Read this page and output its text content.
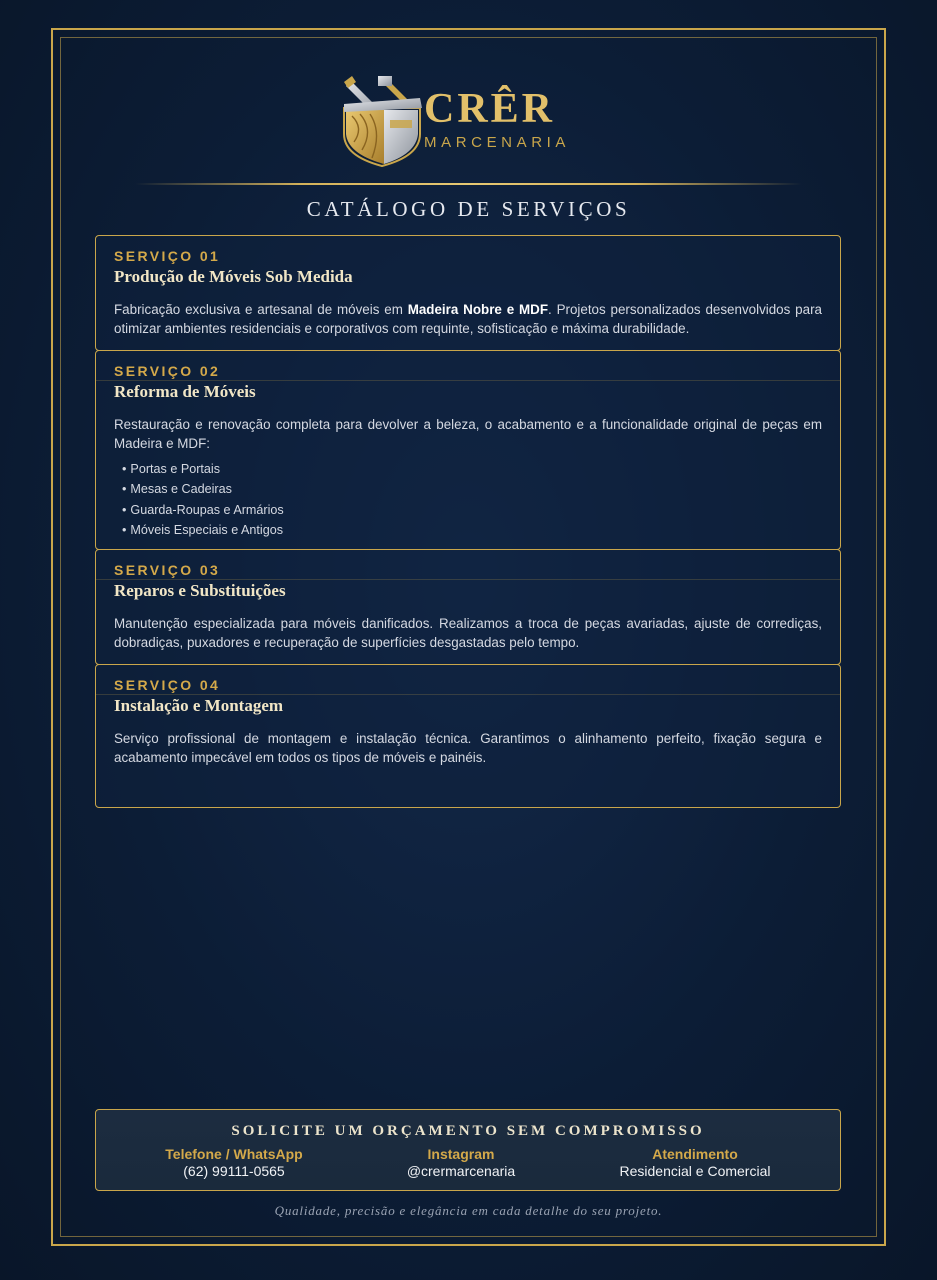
CRÊR
MARCENARIA
CATÁLOGO DE SERVIÇOS
SERVIÇO 01
Produção de Móveis Sob Medida
Fabricação exclusiva e artesanal de móveis em Madeira Nobre e MDF. Projetos personalizados desenvolvidos para otimizar ambientes residenciais e corporativos com requinte, sofisticação e máxima durabilidade.
SERVIÇO 02
Reforma de Móveis
Restauração e renovação completa para devolver a beleza, o acabamento e a funcionalidade original de peças em Madeira e MDF:
• Portas e Portais
• Mesas e Cadeiras
• Guarda-Roupas e Armários
• Móveis Especiais e Antigos
SERVIÇO 03
Reparos e Substituições
Manutenção especializada para móveis danificados. Realizamos a troca de peças avariadas, ajuste de corrediças, dobradiças, puxadores e recuperação de superfícies desgastadas pelo tempo.
SERVIÇO 04
Instalação e Montagem
Serviço profissional de montagem e instalação técnica. Garantimos o alinhamento perfeito, fixação segura e acabamento impecável em todos os tipos de móveis e painéis.
SOLICITE UM ORÇAMENTO SEM COMPROMISSO
Telefone / WhatsApp
(62) 99111-0565
Instagram
@crermarcenaria
Atendimento
Residencial e Comercial
Qualidade, precisão e elegância em cada detalhe do seu projeto.
